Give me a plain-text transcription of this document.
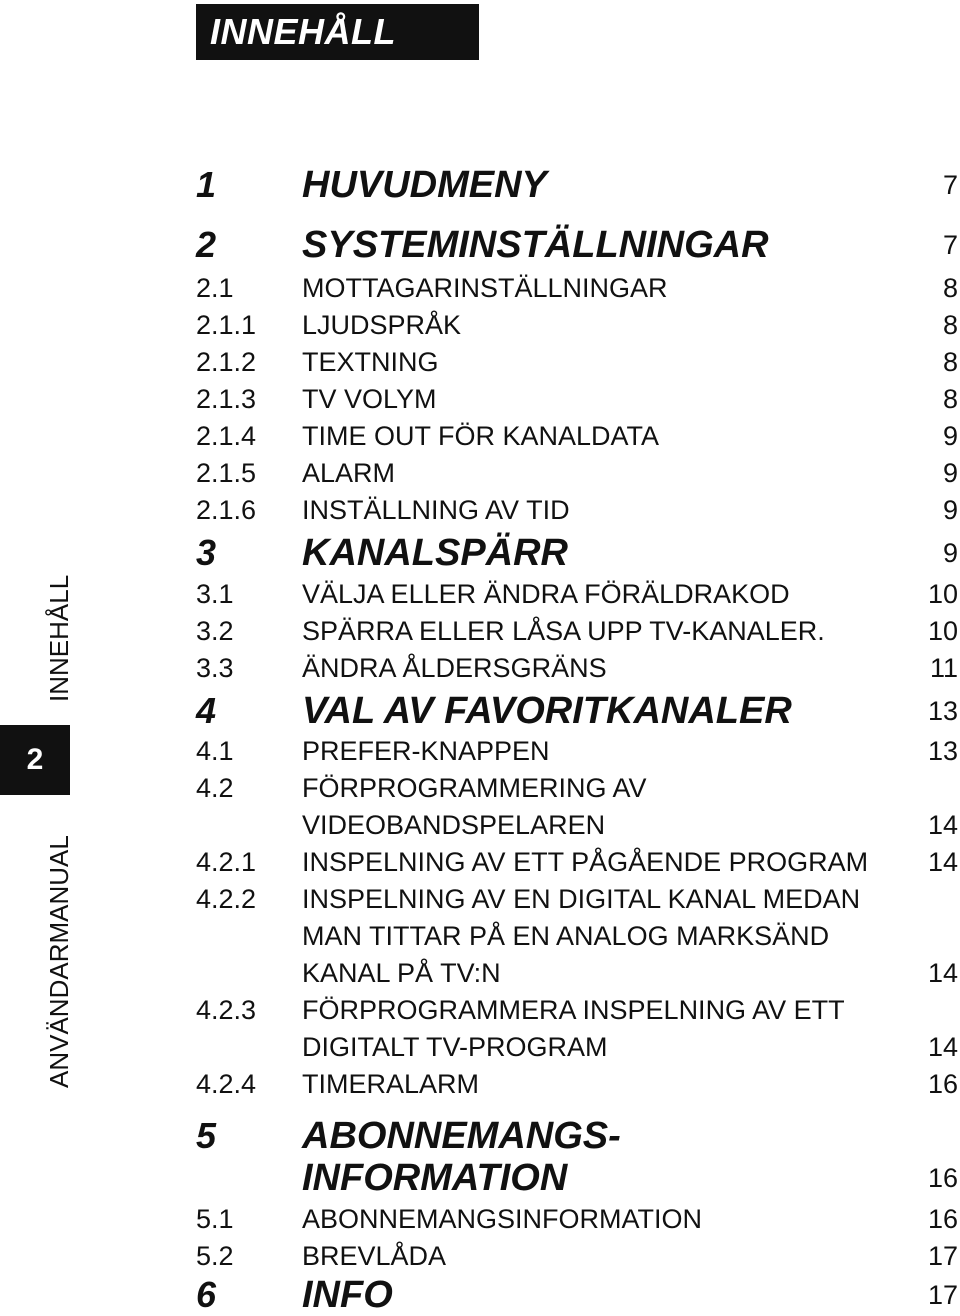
INNEHÅLL
ANVÄNDARMANUAL
INNEHÅLL
2
1 HUVUDMENY	7
2 SYSTEMINSTÄLLNINGAR	7
2.1	MOTTAGARINSTÄLLNINGAR	8
2.1.1 LJUDSPRÅK	8
2.1.2 TEXTNING	8
2.1.3 TV VOLYM	8
2.1.4 TIME OUT FÖR KANALDATA	9
2.1.5 ALARM	9
2.1.6 INSTÄLLNING AV TID	9
3 KANALSPÄRR	9
3.1	VÄLJA ELLER ÄNDRA FÖRÄLDRAKOD	10
3.2	SPÄRRA ELLER LÅSA UPP TV-KANALER.	10
3.3	ÄNDRA ÅLDERSGRÄNS	11
4 VAL AV FAVORITKANALER	13
4.1	PREFER-KNAPPEN	13
4.2	FÖRPROGRAMMERING AV
VIDEOBANDSPELAREN	14
4.2.1 INSPELNING AV ETT PÅGÅENDE PROGRAM 14
4.2.2 INSPELNING AV EN DIGITAL KANAL MEDAN
MAN TITTAR PÅ EN ANALOG MARKSÄND
KANAL PÅ TV:N	14
4.2.3 FÖRPROGRAMMERA INSPELNING AV ETT
DIGITALT TV-PROGRAM	14
4.2.4 TIMERALARM	16
5 ABONNEMANGS-
INFORMATION	16
5.1	ABONNEMANGSINFORMATION	16
5.2	BREVLÅDA	17
6 INFO	17
